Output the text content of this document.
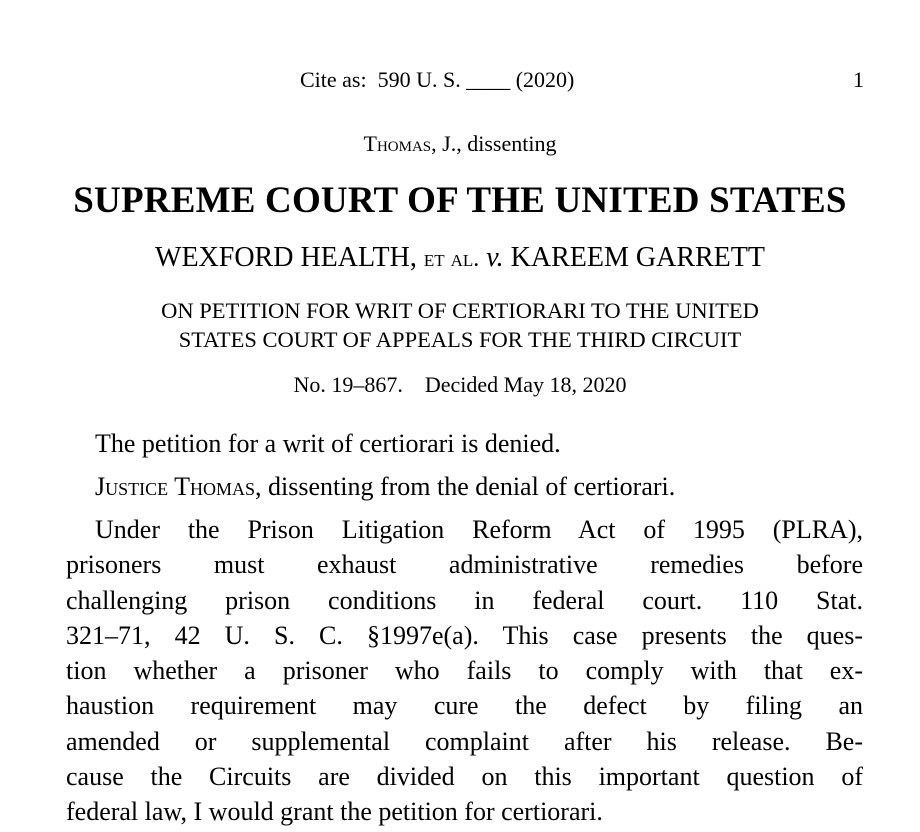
Cite as:  590 U. S. ____ (2020)	1
Thomas, J., dissenting
SUPREME COURT OF THE UNITED STATES
WEXFORD HEALTH, et al. v. KAREEM GARRETT
ON PETITION FOR WRIT OF CERTIORARI TO THE UNITED
STATES COURT OF APPEALS FOR THE THIRD CIRCUIT
No. 19–867.    Decided May 18, 2020
The petition for a writ of certiorari is denied.
Justice Thomas, dissenting from the denial of certiorari.
Under the Prison Litigation Reform Act of 1995 (PLRA),
prisoners must exhaust administrative remedies before
challenging prison conditions in federal court. 110 Stat.
321–71, 42 U. S. C. §1997e(a). This case presents the ques-
tion whether a prisoner who fails to comply with that ex-
haustion requirement may cure the defect by filing an
amended or supplemental complaint after his release. Be-
cause the Circuits are divided on this important question of
federal law, I would grant the petition for certiorari.
